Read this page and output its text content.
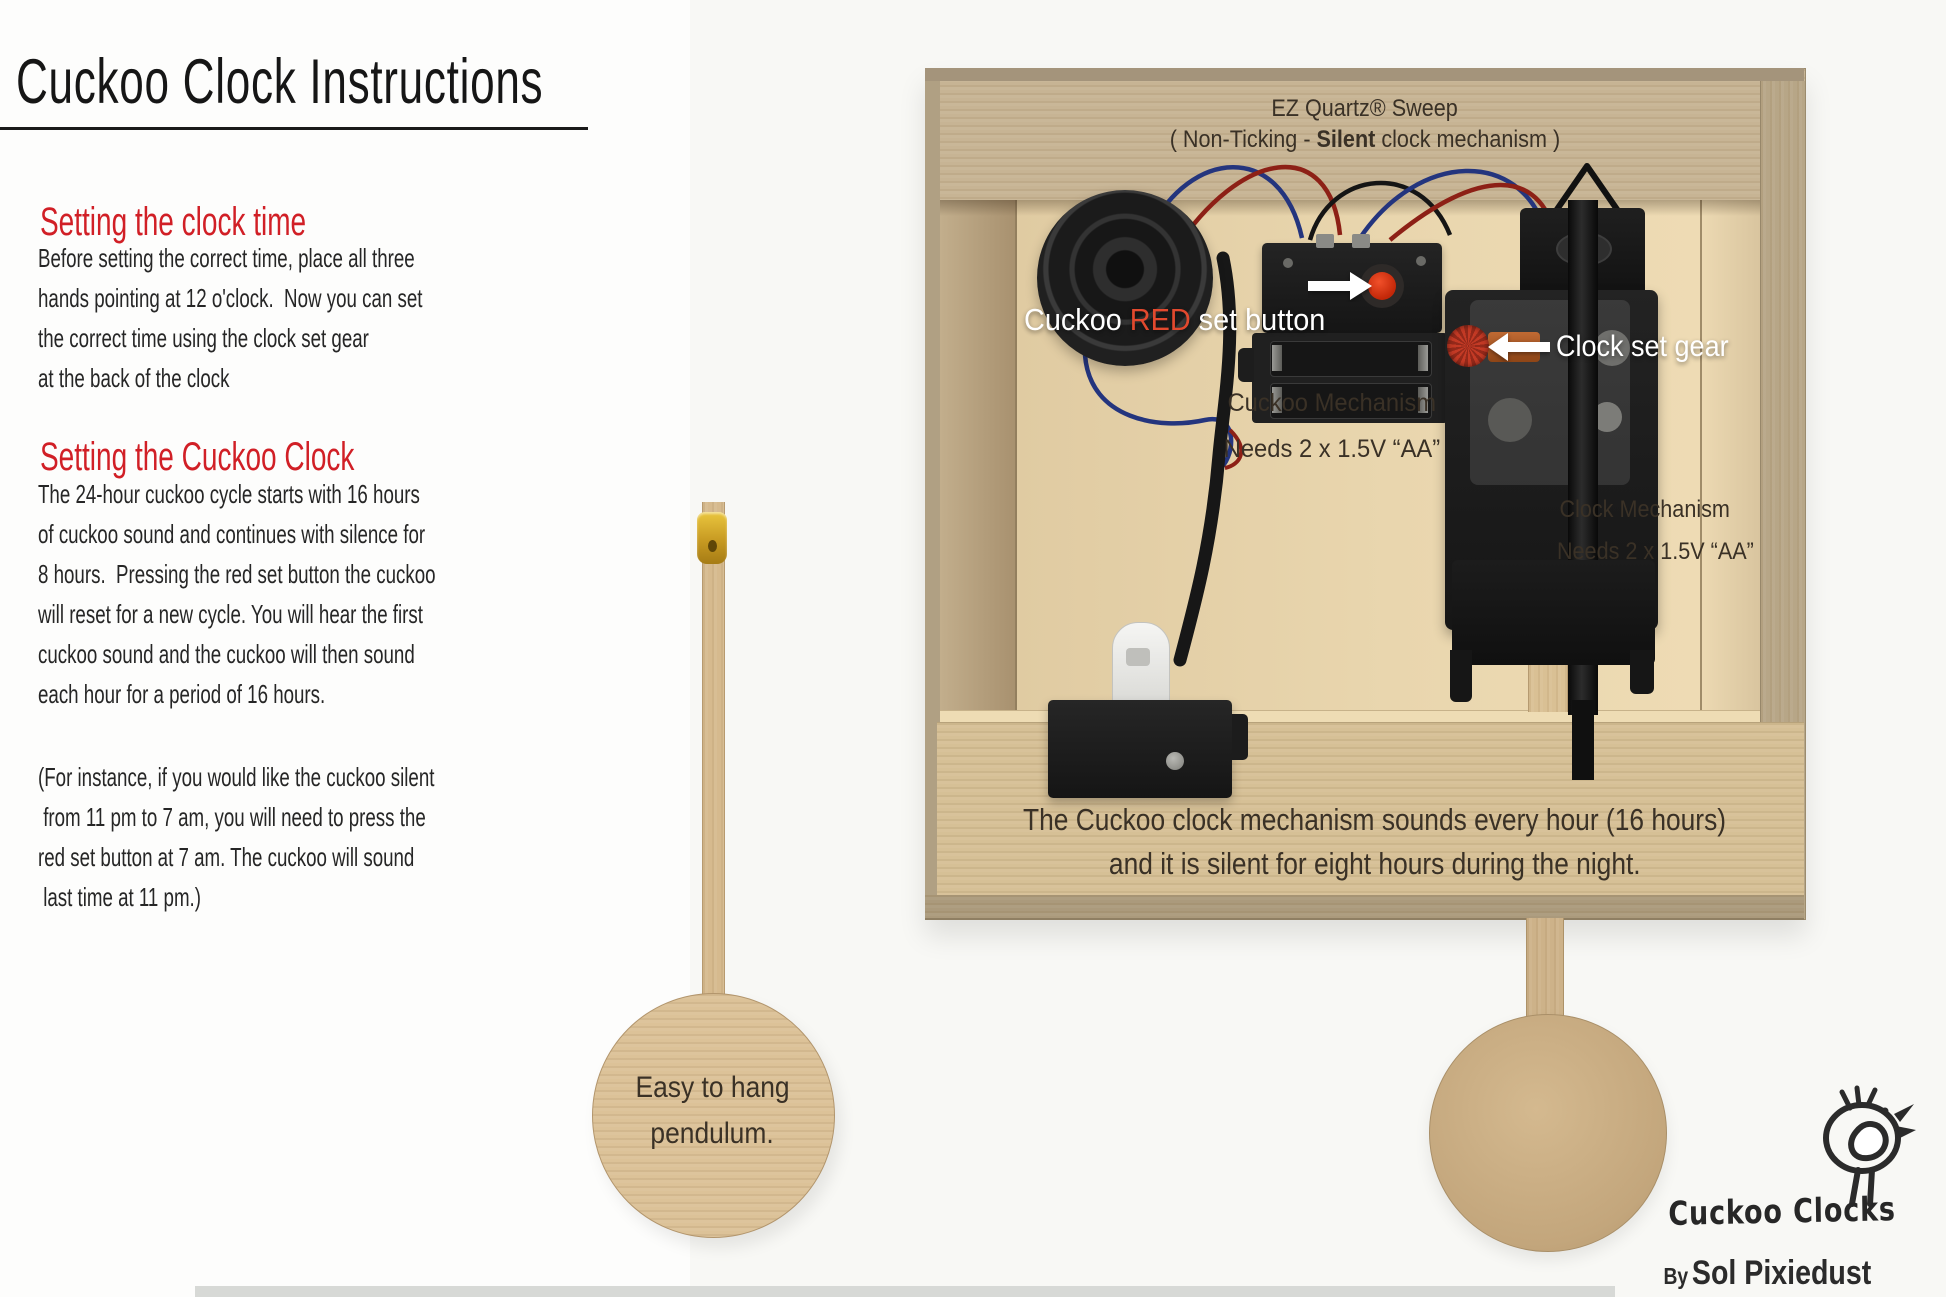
Cuckoo Clock Instructions
Setting the clock time
Before setting the correct time, place all three
hands pointing at 12 o'clock.  Now you can set
the correct time using the clock set gear
at the back of the clock
Setting the Cuckoo Clock
The 24-hour cuckoo cycle starts with 16 hours
of cuckoo sound and continues with silence for
8 hours.  Pressing the red set button the cuckoo
will reset for a new cycle. You will hear the first
cuckoo sound and the cuckoo will then sound
each hour for a period of 16 hours.
(For instance, if you would like the cuckoo silent
from 11 pm to 7 am, you will need to press the
red set button at 7 am. The cuckoo will sound
last time at 11 pm.)
Easy to hang
pendulum.
EZ Quartz® Sweep
( Non-Ticking - Silent clock mechanism )
The Cuckoo clock mechanism sounds every hour (16 hours)
and it is silent for eight hours during the night.

Cuckoo RED set button

Clock set gear
Cuckoo Mechanism
Needs 2 x 1.5V “AA”
Clock Mechanism
Needs 2 x 1.5V “AA”
Cuckoo Clocks

By Sol Pixiedust
